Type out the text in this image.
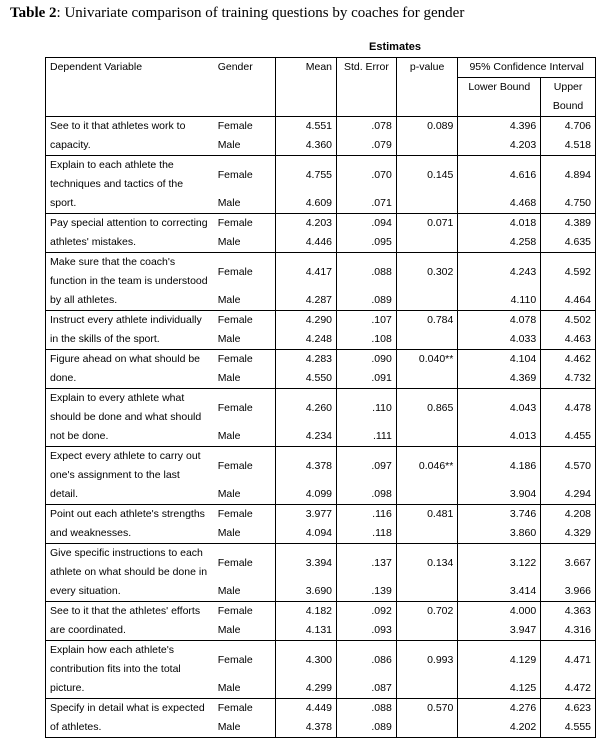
Table 2: Univariate comparison of training questions by coaches for gender
Estimates
Dependent Variable	Gender	Mean	Std. Error	p-value	95% Confidence Interval	
					Lower Bound	Upper
						Bound
See to it that athletes work to capacity.	Female	4.551	.078	0.089	4.396	4.706
	Male	4.360	.079		4.203	4.518
Explain to each athlete the techniques and tactics of the sport.	Female	4.755	.070	0.145	4.616	4.894
	Male	4.609	.071		4.468	4.750
Pay special attention to correcting athletes' mistakes.	Female	4.203	.094	0.071	4.018	4.389
	Male	4.446	.095		4.258	4.635
Make sure that the coach's function in the team is understood by all athletes.	Female	4.417	.088	0.302	4.243	4.592
	Male	4.287	.089		4.110	4.464
Instruct every athlete individually in the skills of the sport.	Female	4.290	.107	0.784	4.078	4.502
	Male	4.248	.108		4.033	4.463
Figure ahead on what should be done.	Female	4.283	.090	0.040**	4.104	4.462
	Male	4.550	.091		4.369	4.732
Explain to every athlete what should be done and what should not be done.	Female	4.260	.110	0.865	4.043	4.478
	Male	4.234	.111		4.013	4.455
Expect every athlete to carry out one's assignment to the last detail.	Female	4.378	.097	0.046**	4.186	4.570
	Male	4.099	.098		3.904	4.294
Point out each athlete's strengths and weaknesses.	Female	3.977	.116	0.481	3.746	4.208
	Male	4.094	.118		3.860	4.329
Give specific instructions to each athlete on what should be done in every situation.	Female	3.394	.137	0.134	3.122	3.667
	Male	3.690	.139		3.414	3.966
See to it that the athletes' efforts are coordinated.	Female	4.182	.092	0.702	4.000	4.363
	Male	4.131	.093		3.947	4.316
Explain how each athlete's contribution fits into the total picture.	Female	4.300	.086	0.993	4.129	4.471
	Male	4.299	.087		4.125	4.472
Specify in detail what is expected of athletes.	Female	4.449	.088	0.570	4.276	4.623
	Male	4.378	.089		4.202	4.555
